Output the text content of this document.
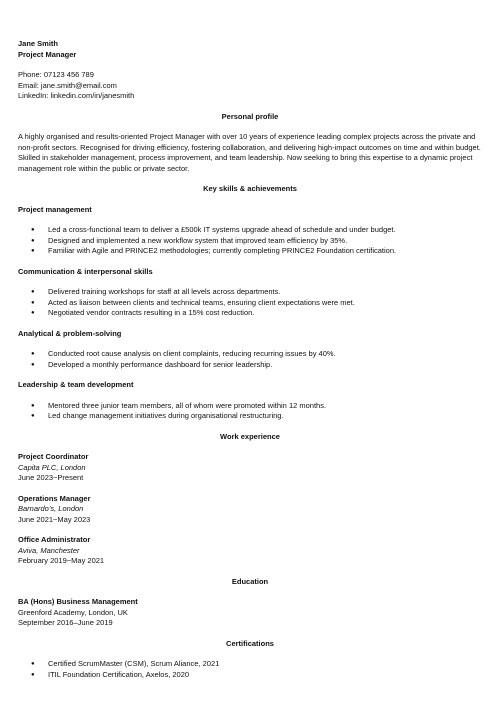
Jane Smith
Project Manager
Phone: 07123 456 789
Email: jane.smith@email.com
LinkedIn: linkedin.com/in/janesmith
Personal profile

A highly organised and results-oriented Project Manager with over 10 years of experience leading complex projects across the private and non-profit sectors. Recognised for driving efficiency, fostering collaboration, and delivering high-impact outcomes on time and within budget. Skilled in stakeholder management, process improvement, and team leadership. Now seeking to bring this expertise to a dynamic project management role within the public or private sector.

Key skills & achievements
Project management
● Led a cross-functional team to deliver a £500k IT systems upgrade ahead of schedule and under budget.
● Designed and implemented a new workflow system that improved team efficiency by 35%.
● Familiar with Agile and PRINCE2 methodologies; currently completing PRINCE2 Foundation certification.
Communication & interpersonal skills
● Delivered training workshops for staff at all levels across departments.
● Acted as liaison between clients and technical teams, ensuring client expectations were met.
● Negotiated vendor contracts resulting in a 15% cost reduction.
Analytical & problem-solving
● Conducted root cause analysis on client complaints, reducing recurring issues by 40%.
● Developed a monthly performance dashboard for senior leadership.
Leadership & team development
● Mentored three junior team members, all of whom were promoted within 12 months.
● Led change management initiatives during organisational restructuring.
Work experience
Project Coordinator
Capita PLC, London
June 2023−Present
Operations Manager
Barnardo’s, London
June 2021−May 2023
Office Administrator
Aviva, Manchester
February 2019−May 2021
Education
BA (Hons) Business Management
Greenford Academy, London, UK
September 2016–June 2019
Certifications
● Certified ScrumMaster (CSM), Scrum Aliance, 2021
● ITIL Foundation Certification, Axelos, 2020
